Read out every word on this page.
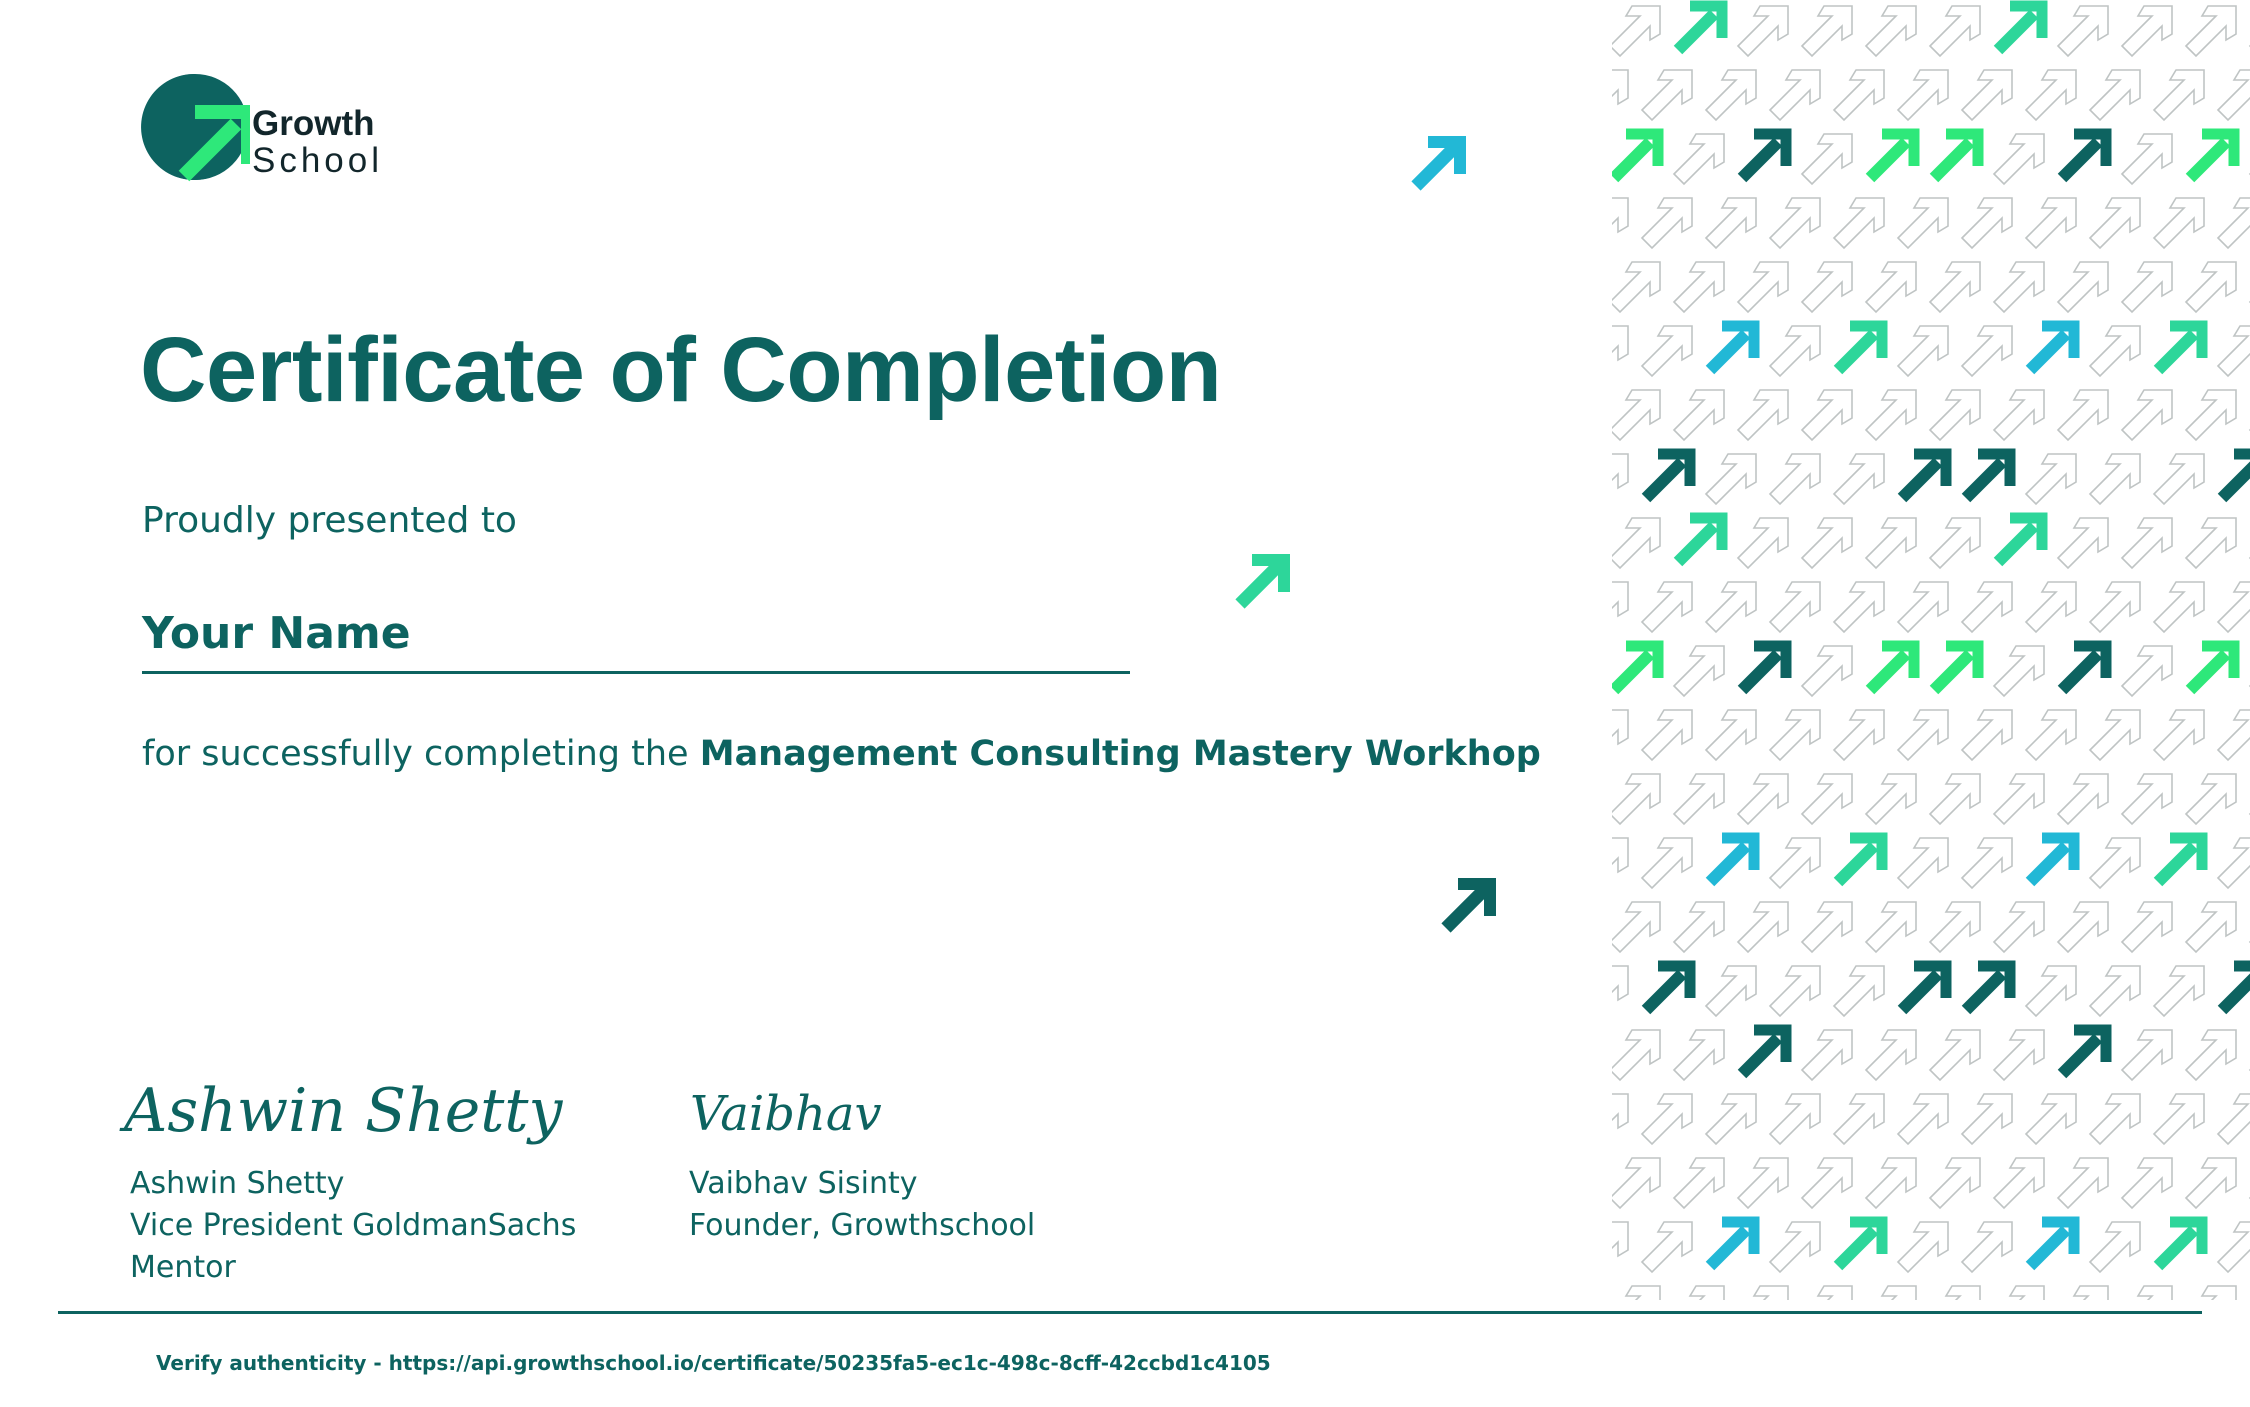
Growth
School
Certificate of Completion
Proudly presented to
Your Name
for successfully completing the Management Consulting Mastery Workhop
Ashwin Shetty
Ashwin Shetty
Vice President GoldmanSachs
Mentor
Vaibhav
Vaibhav Sisinty
Founder, Growthschool
Verify authenticity - https://api.growthschool.io/certificate/50235fa5-ec1c-498c-8cff-42ccbd1c4105
